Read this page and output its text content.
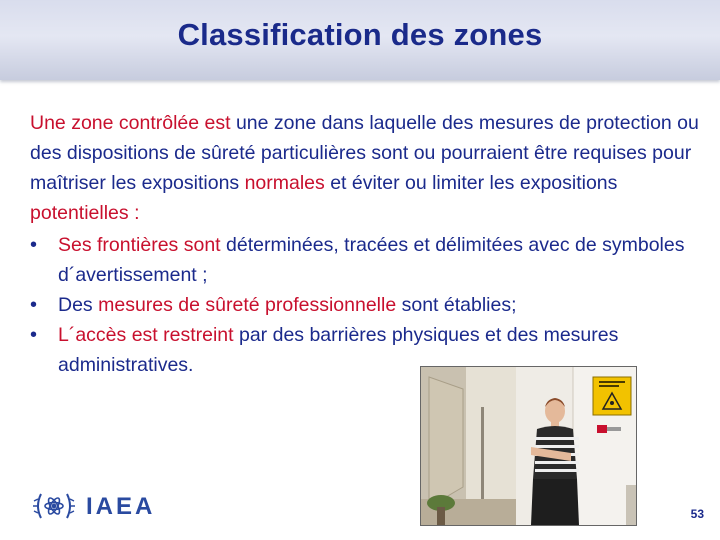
Classification des zones
Une zone contrôlée est une zone dans laquelle des mesures de protection ou des dispositions de sûreté particulières sont ou pourraient être requises pour maîtriser les expositions normales et éviter ou limiter les expositions potentielles :
• Ses frontières sont déterminées, tracées et délimitées avec de symboles d´avertissement ;
• Des mesures de sûreté professionnelle sont établies;
• L´accès est restreint par des barrières physiques et des mesures administratives.
IAEA	53
